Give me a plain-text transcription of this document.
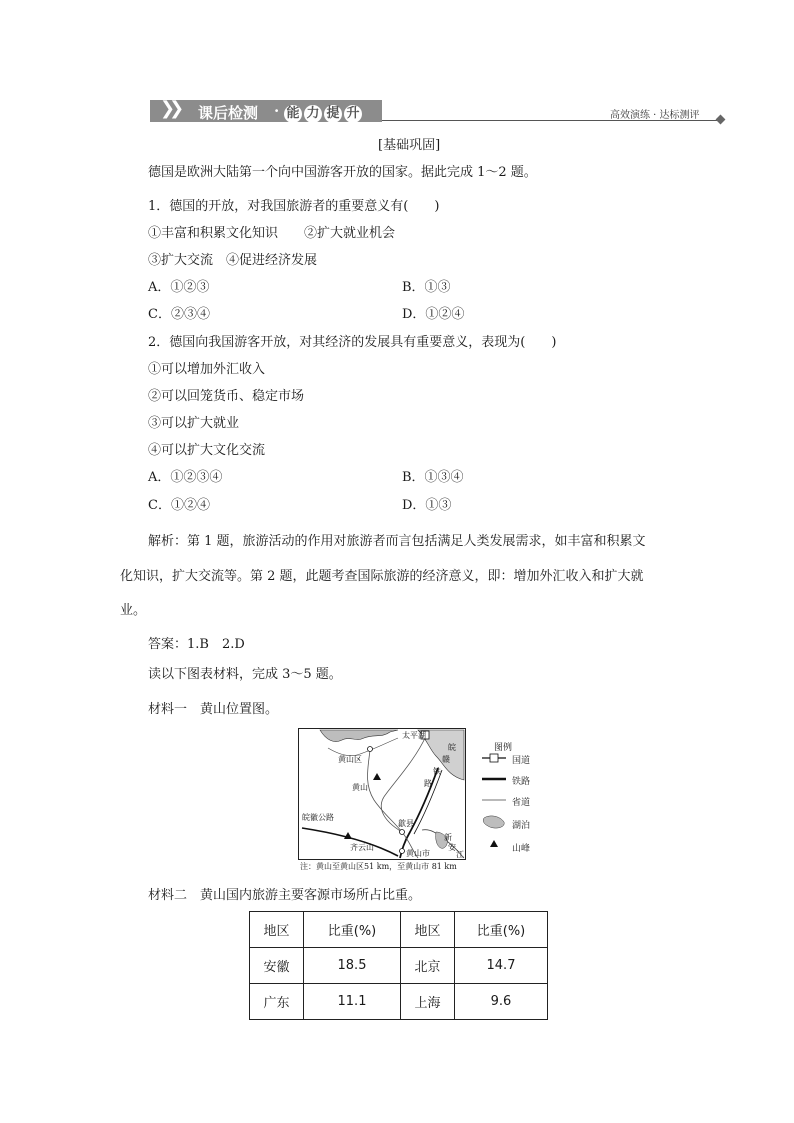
❯❯ 课后检测 · 能 力 提 升	高效演练 · 达标测评
[基础巩固]
德国是欧洲大陆第一个向中国游客开放的国家。据此完成 1～2 题。
1．德国的开放，对我国旅游者的重要意义有(　　)
①丰富和积累文化知识　　②扩大就业机会
③扩大交流　④促进经济发展
A．①②③	B．①③
C．②③④	D．①②④
2．德国向我国游客开放，对其经济的发展具有重要意义，表现为(　　)
①可以增加外汇收入
②可以回笼货币、稳定市场
③可以扩大就业
④可以扩大文化交流
A．①②③④	B．①③④
C．①②④	D．①③
解析：第 1 题，旅游活动的作用对旅游者而言包括满足人类发展需求，如丰富和积累文
化知识，扩大交流等。第 2 题，此题考查国际旅游的经济意义，即：增加外汇收入和扩大就
业。
答案：1.B　2.D
读以下图表材料，完成 3～5 题。
材料一　黄山位置图。
太平湖
黄山区
黄山
皖
赣
铁
路
皖徽公路
歙县
齐云山
新
安
江
黄山市
注：黄山至黄山区51 km，至黄山市 81 km
图例
国道
铁路
省道
湖泊
山峰
材料二　黄山国内旅游主要客源市场所占比重。
地区	比重(%)	地区	比重(%)
安徽	18.5	北京	14.7
广东	11.1	上海	9.6
